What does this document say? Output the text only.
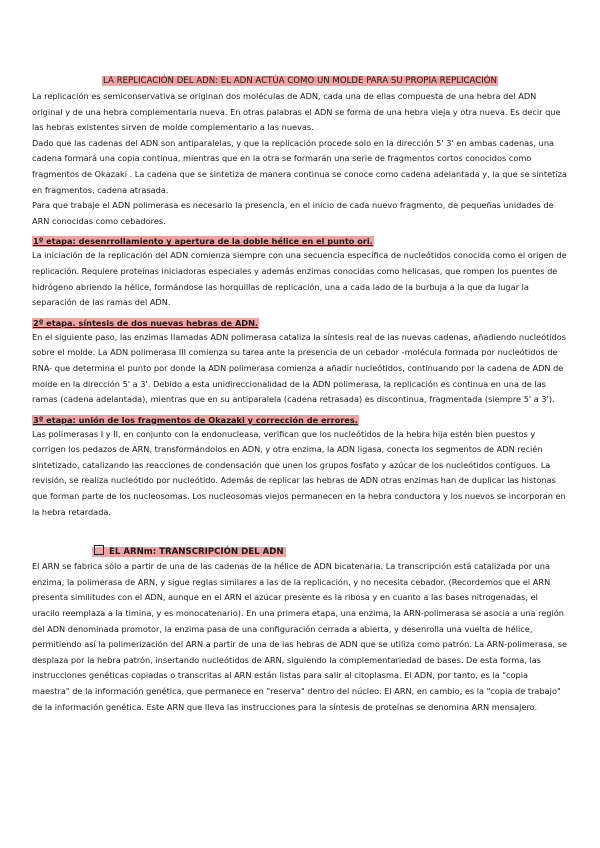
LA REPLICACIÓN DEL ADN: EL ADN ACTÚA COMO UN MOLDE PARA SU PROPIA REPLICACIÓN

La replicación es semiconservativa se originan dos moléculas de ADN, cada una de ellas compuesta de una hebra del ADN original y de una hebra complementaria nueva. En otras palabras el ADN se forma de una hebra vieja y otra nueva. Es decir que las hebras existentes sirven de molde complementario a las nuevas.

Dado que las cadenas del ADN son antiparalelas, y que la replicación procede solo en la dirección 5' 3' en ambas cadenas, una cadena formará una copia continua, mientras que en la otra se formarán una serie de fragmentos cortos conocidos como fragmentos de Okazaki . La cadena que se sintetiza de manera continua se conoce como cadena adelantada y, la que se sintetiza en fragmentos, cadena atrasada.

Para que trabaje el ADN polimerasa es necesario la presencia, en el inicio de cada nuevo fragmento, de pequeñas unidades de ARN conocidas como cebadores.

1º etapa: desenrrollamiento y apertura de la doble hélice en el punto ori.

La iniciación de la replicación del ADN comienza siempre con una secuencia específica de nucleótidos conocida como el origen de replicación. Requiere proteínas iniciadoras especiales y además enzimas conocidas como helicasas, que rompen los puentes de hidrógeno abriendo la hélice, formándose las horquillas de replicación, una a cada lado de la burbuja a la que da lugar la separación de las ramas del ADN.

2º etapa. síntesis de dos nuevas hebras de ADN.

En el siguiente paso, las enzimas llamadas ADN polimerasa cataliza la síntesis real de las nuevas cadenas, añadiendo nucleótidos sobre el molde. La ADN polimerasa III comienza su tarea ante la presencia de un cebador -molécula formada por nucleótidos de RNA- que determina el punto por donde la ADN polimerasa comienza a añadir nucleótidos, continuando por la cadena de ADN de molde en la dirección 5' a 3'. Debido a esta unidireccionalidad de la ADN polimerasa, la replicación es continua en una de las ramas (cadena adelantada), mientras que en su antiparalela (cadena retrasada) es discontinua, fragmentada (siempre 5' a 3').

3º etapa: unión de los fragmentos de Okazaki y corrección de errores.

Las polimerasas I y II, en conjunto con la endonucleasa, verifican que los nucleótidos de la hebra hija estén bien puestos y corrigen los pedazos de ARN, transformándolos en ADN, y otra enzima, la ADN ligasa, conecta los segmentos de ADN recién sintetizado, catalizando las reacciones de condensación que unen los grupos fosfato y azúcar de los nucleótidos contiguos. La revisión, se realiza nucleótido por nucleótido. Además de replicar las hebras de ADN otras enzimas han de duplicar las histonas que forman parte de los nucleosomas. Los nucleosomas viejos permanecen en la hebra conductora y los nuevos se incorporan en la hebra retardada.

EL ARNm: TRANSCRIPCIÓN DEL ADN

El ARN se fabrica sólo a partir de una de las cadenas de la hélice de ADN bicatenaria. La transcripción está catalizada por una enzima, la polimerasa de ARN, y sigue reglas similares a las de la replicación, y no necesita cebador. (Recordemos que el ARN presenta similitudes con el ADN, aunque en el ARN el azúcar presente es la ribosa y en cuanto a las bases nitrogenadas, el uracilo reemplaza a la timina, y es monocatenario). En una primera etapa, una enzima, la ARN-polimerasa se asocia a una región del ADN denominada promotor, la enzima pasa de una configuración cerrada a abierta, y desenrolla una vuelta de hélice, permitiendo así la polimerización del ARN a partir de una de las hebras de ADN que se utiliza como patrón. La ARN-polimerasa, se desplaza por la hebra patrón, insertando nucleótidos de ARN, siguiendo la complementariedad de bases. De esta forma, las instrucciones genéticas copiadas o transcritas al ARN están listas para salir al citoplasma. El ADN, por tanto, es la "copia maestra" de la información genética, que permanece en "reserva" dentro del núcleo. El ARN, en cambio, es la "copia de trabajo" de la información genética. Este ARN que lleva las instrucciones para la síntesis de proteínas se denomina ARN mensajero.
